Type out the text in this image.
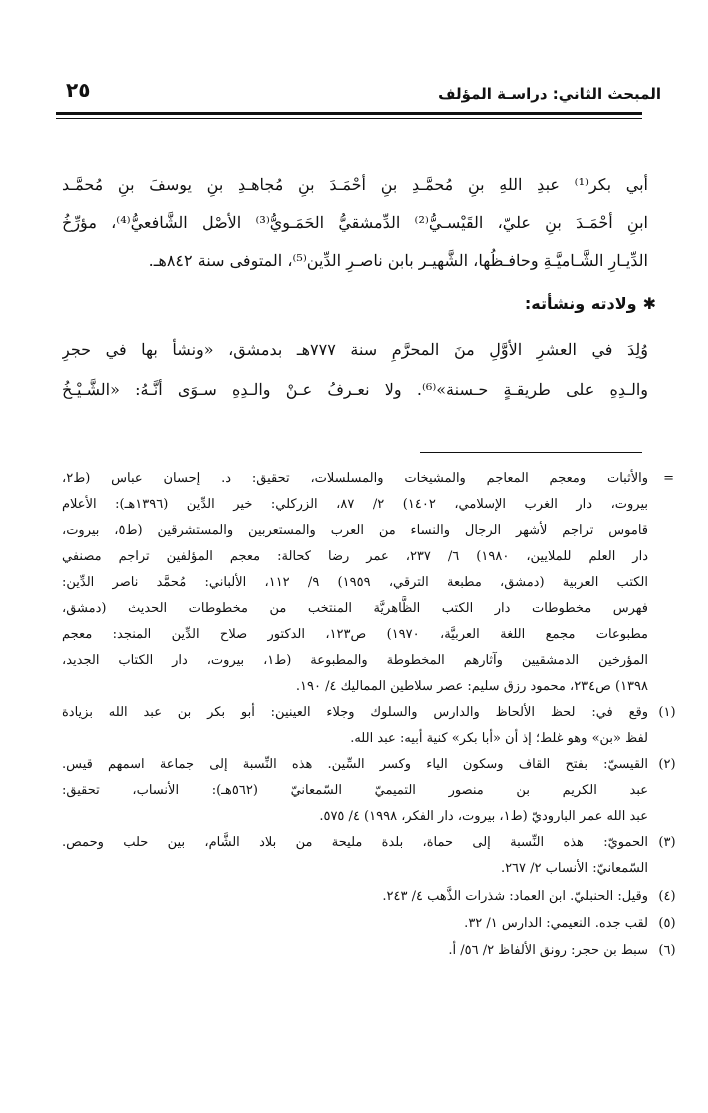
المبحث الثاني: دراسـة المؤلف
٢٥
أبي بكر⁽¹⁾ عبدِ اللهِ بنِ مُحمَّـدِ بنِ أحْمَـدَ بنِ مُجاهـدِ بنِ يوسفَ بنِ مُحمَّـد
ابنِ أحْمَـدَ بنِ عليّ، القَيْسـيُّ⁽²⁾ الدِّمشقيُّ الحَمَـويُّ⁽³⁾ الأصْل الشَّافعيُّ⁽⁴⁾، مؤرِّخُ
الدِّيـارِ الشَّـاميَّـةِ وحافـظُها، الشَّهيـر بابن ناصـرِ الدِّين⁽⁵⁾، المتوفى سنة ٨٤٢هـ.
✱ولادته ونشأته:
وُلِدَ في العشرِ الأوَّلِ منَ المحرَّمِ سنة ٧٧٧هـ بدمشق، «ونشأ بها في حجرِ
والـدِهِ على طريقـةٍ حـسنة»⁽⁶⁾. ولا نعـرفُ عـنْ والـدِهِ سـوَى أنَّـهُ: «الشَّـيْـخُ
=
والأثبات ومعجم المعاجم والمشيخات والمسلسلات، تحقيق: د. إحسان عباس (ط٢،
بيروت، دار الغرب الإسلامي، ١٤٠٢) ٢/ ٨٧، الزركلي: خير الدِّين (١٣٩٦هـ): الأعلام
قاموس تراجم لأشهر الرجال والنساء من العرب والمستعربين والمستشرقين (ط٥، بيروت،
دار العلم للملايين، ١٩٨٠) ٦/ ٢٣٧، عمر رضا كحالة: معجم المؤلفين تراجم مصنفي
الكتب العربية (دمشق، مطبعة الترقي، ١٩٥٩) ٩/ ١١٢، الألباني: مُحمَّد ناصر الدِّين:
فهرس مخطوطات دار الكتب الظَّاهريَّة المنتخب من مخطوطات الحديث (دمشق،
مطبوعات مجمع اللغة العربيَّة، ١٩٧٠) ص١٢٣، الدكتور صلاح الدِّين المنجد: معجم
المؤرخين الدمشقيين وآثارهم المخطوطة والمطبوعة (ط١، بيروت، دار الكتاب الجديد،
١٣٩٨) ص٢٣٤، محمود رزق سليم: عصر سلاطين المماليك ٤/ ١٩٠.
(١)
وقع في: لحظ الألحاظ والدارس والسلوك وجلاء العينين: أبو بكر بن عبد الله بزيادة
لفظ «بن» وهو غلط؛ إذ أن «أبا بكر» كنية أبيه: عبد الله.
(٢)
القيسيّ: بفتح القاف وسكون الياء وكسر السِّين. هذه النِّسبة إلى جماعة اسمهم قيس.
عبد الكريم بن منصور التميميّ السّمعانيّ (٥٦٢هـ): الأنساب، تحقيق:
عبد الله عمر الباروديّ (ط١، بيروت، دار الفكر، ١٩٩٨) ٤/ ٥٧٥.
(٣)
الحمويّ: هذه النِّسبة إلى حماة، بلدة مليحة من بلاد الشَّام، بين حلب وحمص.
السّمعانيّ: الأنساب ٢/ ٢٦٧.
(٤)
وقيل: الحنبليّ. ابن العماد: شذرات الذَّهب ٤/ ٢٤٣.
(٥)
لقب جده. النعيمي: الدارس ١/ ٣٢.
(٦)
سبط بن حجر: رونق الألفاظ ٢/ ٥٦/ أ.
